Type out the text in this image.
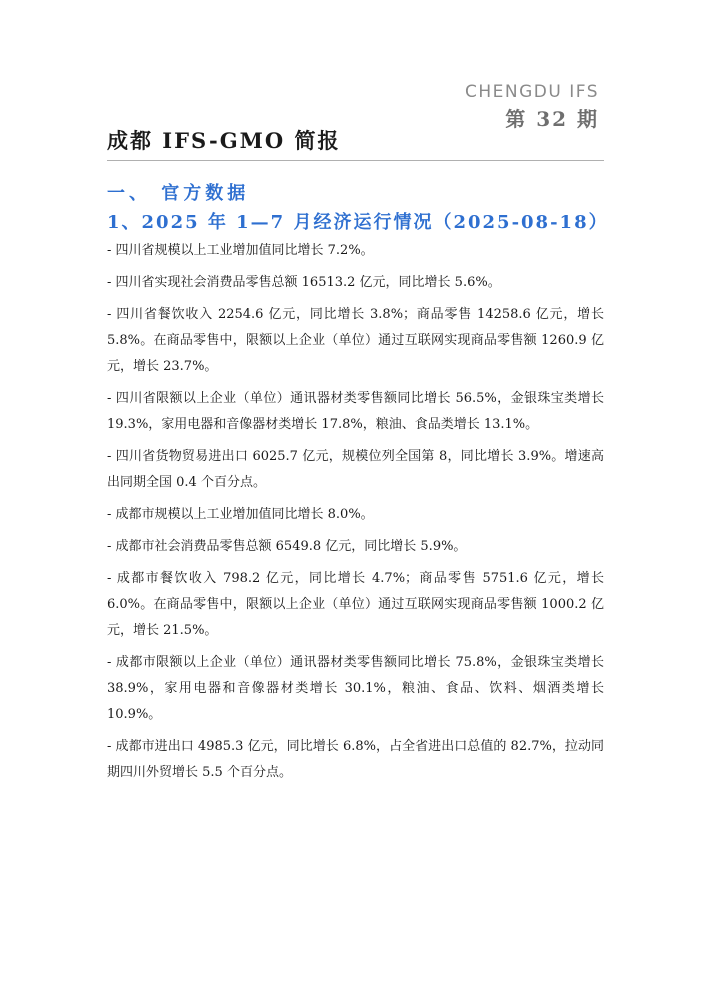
CHENGDU IFS
第 32 期
成都 IFS-GMO 简报
一、 官方数据
1、2025 年 1—7 月经济运行情况（2025-08-18）

- 四川省规模以上工业增加值同比增长 7.2%。

- 四川省实现社会消费品零售总额 16513.2 亿元，同比增长 5.6%。

- 四川省餐饮收入 2254.6 亿元，同比增长 3.8%；商品零售 14258.6 亿元，增长 5.8%。在商品零售中，限额以上企业（单位）通过互联网实现商品零售额 1260.9 亿元，增长 23.7%。

- 四川省限额以上企业（单位）通讯器材类零售额同比增长 56.5%，金银珠宝类增长 19.3%，家用电器和音像器材类增长 17.8%，粮油、食品类增长 13.1%。

- 四川省货物贸易进出口 6025.7 亿元，规模位列全国第 8，同比增长 3.9%。增速高出同期全国 0.4 个百分点。

- 成都市规模以上工业增加值同比增长 8.0%。

- 成都市社会消费品零售总额 6549.8 亿元，同比增长 5.9%。

- 成都市餐饮收入 798.2 亿元，同比增长 4.7%；商品零售 5751.6 亿元，增长 6.0%。在商品零售中，限额以上企业（单位）通过互联网实现商品零售额 1000.2 亿元，增长 21.5%。

- 成都市限额以上企业（单位）通讯器材类零售额同比增长 75.8%，金银珠宝类增长 38.9%，家用电器和音像器材类增长 30.1%，粮油、食品、饮料、烟酒类增长 10.9%。

- 成都市进出口 4985.3 亿元，同比增长 6.8%，占全省进出口总值的 82.7%，拉动同期四川外贸增长 5.5 个百分点。
